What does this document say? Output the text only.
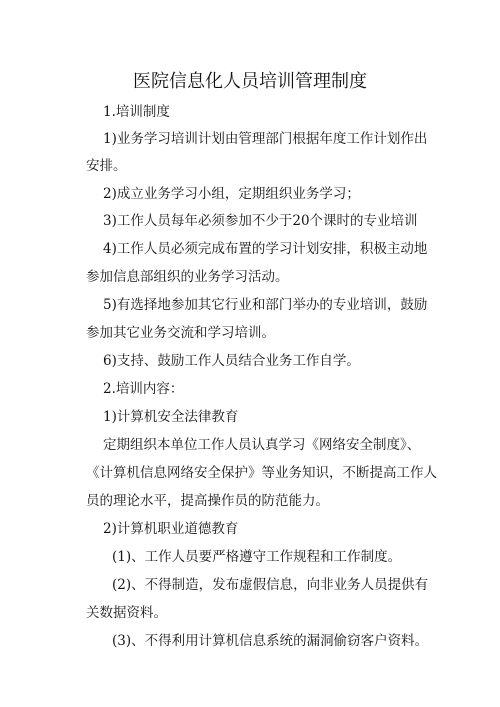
医院信息化人员培训管理制度
1.培训制度
1)业务学习培训计划由管理部门根据年度工作计划作出
安排。
2)成立业务学习小组，定期组织业务学习；
3)工作人员每年必须参加不少于20个课时的专业培训
4)工作人员必须完成布置的学习计划安排，积极主动地
参加信息部组织的业务学习活动。
5)有选择地参加其它行业和部门举办的专业培训，鼓励
参加其它业务交流和学习培训。
6)支持、鼓励工作人员结合业务工作自学。
2.培训内容：
1)计算机安全法律教育
定期组织本单位工作人员认真学习《网络安全制度》、
《计算机信息网络安全保护》等业务知识，不断提高工作人
员的理论水平，提高操作员的防范能力。
2)计算机职业道德教育
(1)、工作人员要严格遵守工作规程和工作制度。
(2)、不得制造，发布虚假信息，向非业务人员提供有
关数据资料。
(3)、不得利用计算机信息系统的漏洞偷窃客户资料。
